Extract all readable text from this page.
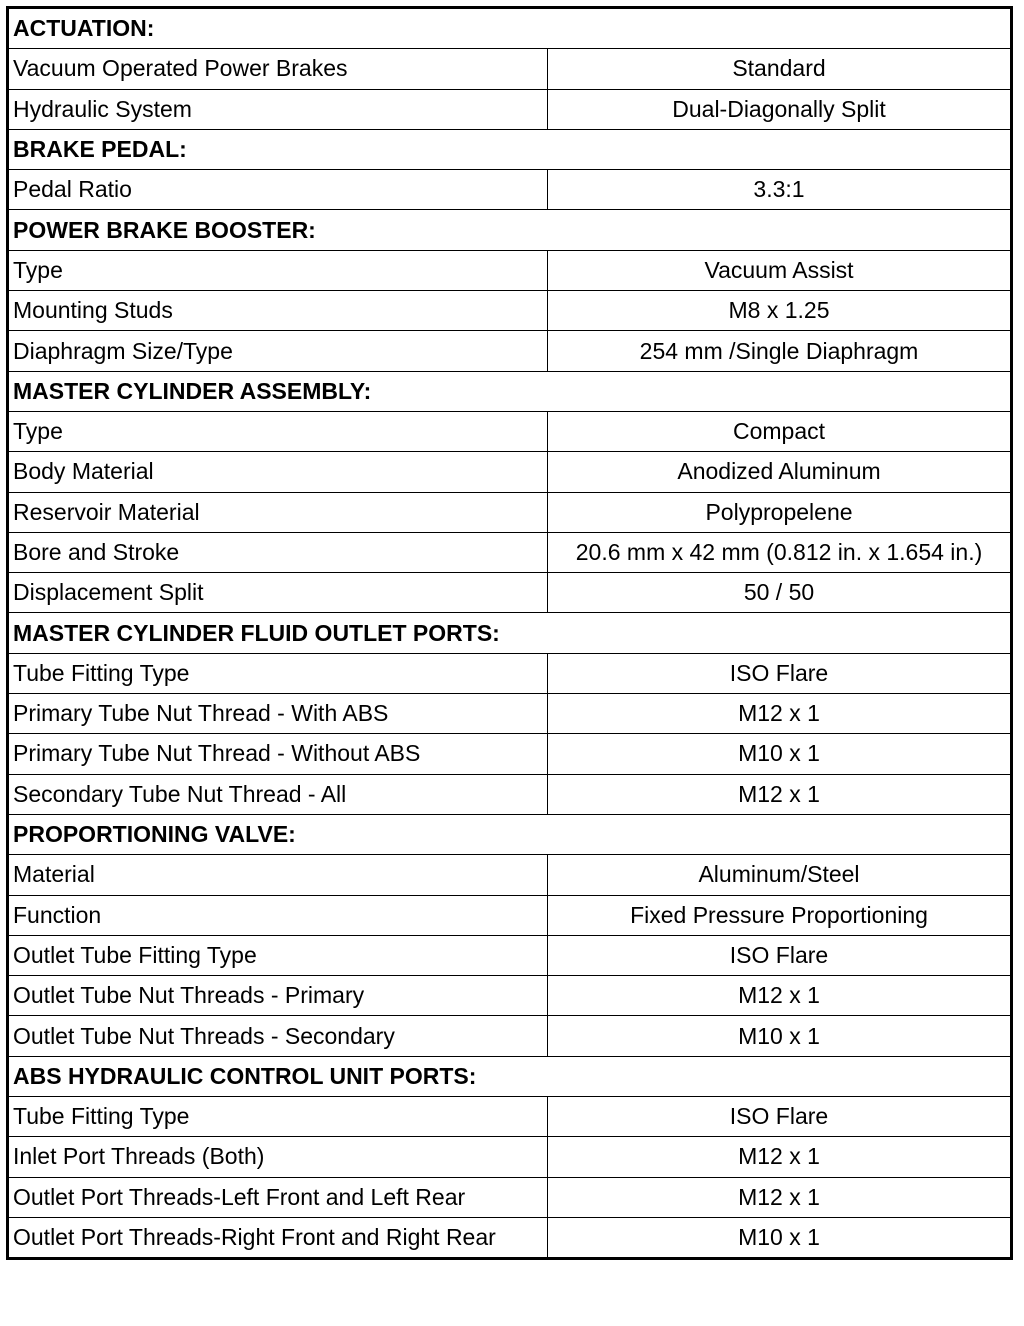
ACTUATION:	
Vacuum Operated Power Brakes	Standard
Hydraulic System	Dual-Diagonally Split
BRAKE PEDAL:	
Pedal Ratio	3.3:1
POWER BRAKE BOOSTER:	
Type	Vacuum Assist
Mounting Studs	M8 x 1.25
Diaphragm Size/Type	254 mm /Single Diaphragm
MASTER CYLINDER ASSEMBLY:	
Type	Compact
Body Material	Anodized Aluminum
Reservoir Material	Polypropelene
Bore and Stroke	20.6 mm x 42 mm (0.812 in. x 1.654 in.)
Displacement Split	50 / 50
MASTER CYLINDER FLUID OUTLET PORTS:	
Tube Fitting Type	ISO Flare
Primary Tube Nut Thread - With ABS	M12 x 1
Primary Tube Nut Thread - Without ABS	M10 x 1
Secondary Tube Nut Thread - All	M12 x 1
PROPORTIONING VALVE:	
Material	Aluminum/Steel
Function	Fixed Pressure Proportioning
Outlet Tube Fitting Type	ISO Flare
Outlet Tube Nut Threads - Primary	M12 x 1
Outlet Tube Nut Threads - Secondary	M10 x 1
ABS HYDRAULIC CONTROL UNIT PORTS:	
Tube Fitting Type	ISO Flare
Inlet Port Threads (Both)	M12 x 1
Outlet Port Threads-Left Front and Left Rear	M12 x 1
Outlet Port Threads-Right Front and Right Rear	M10 x 1
